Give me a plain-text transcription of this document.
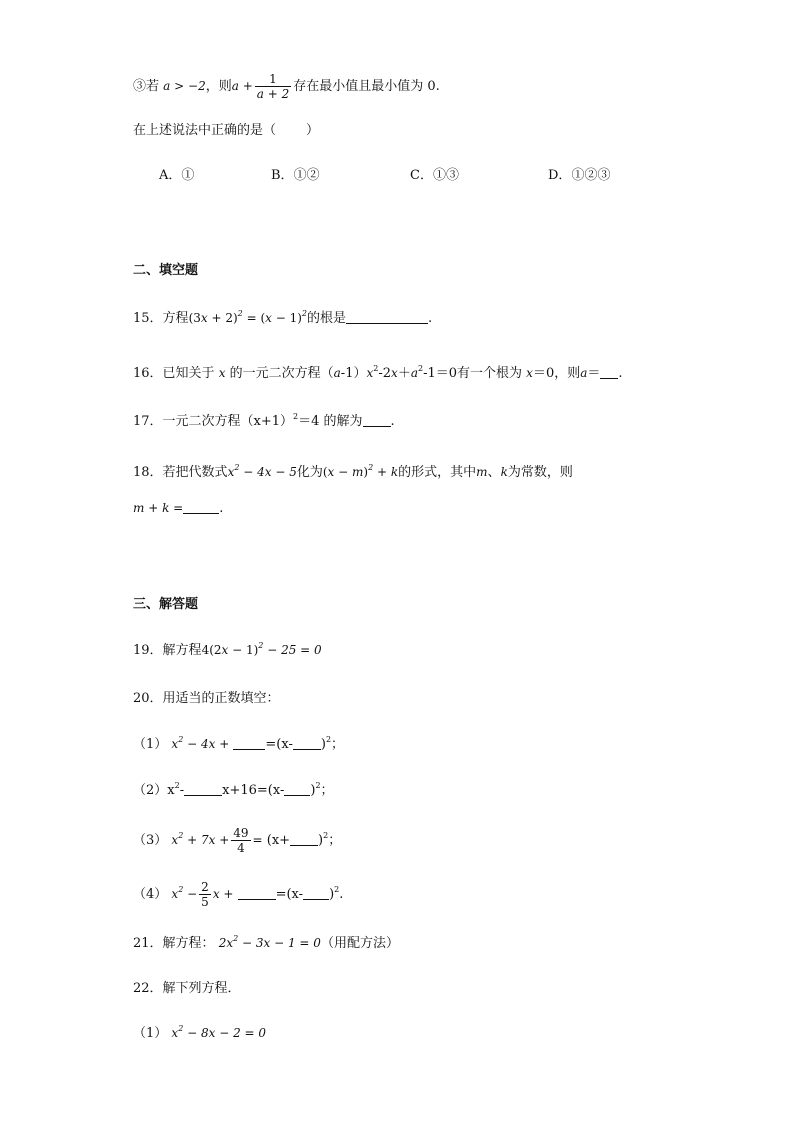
③若 a > −2，则$a + \frac{1}{a + 2}$ 存在最小值且最小值为 0.
在上述说法中正确的是（ ）
A．①	B．①②	C．①③	D．①②③
二、填空题
15．方程$(3x + 2)^2 = (x - 1)^2$的根是	.
16．已知关于 x 的一元二次方程$(a-1)x^2-2x+a^2-1=0$有一个根为 x＝0，则a＝ .
17．一元二次方程$(x+1)^2=4$ 的解为 .
18．若把代数式$x^2 - 4x - 5$化为$(x - m)^2 + k$的形式，其中m、k为常数，则
m + k =	.
三、解答题
19．解方程$4(2x - 1)^2 - 25 = 0$
20．用适当的正数填空：
（1） $x^2 - 4x$ +	=(x- )$^2$；
$(2)x^2-$	x+16=(x- )$^2$；
（3） $x^2 + 7x + \frac{49}{4} = (x+ )^2$；
（4） $x^2 - \frac{2}{5}$ x +	=(x- )$^2$.
21．解方程： $2x^2 - 3x - 1 = 0$（用配方法）
22．解下列方程．
（1） $x^2 - 8x - 2 = 0$
